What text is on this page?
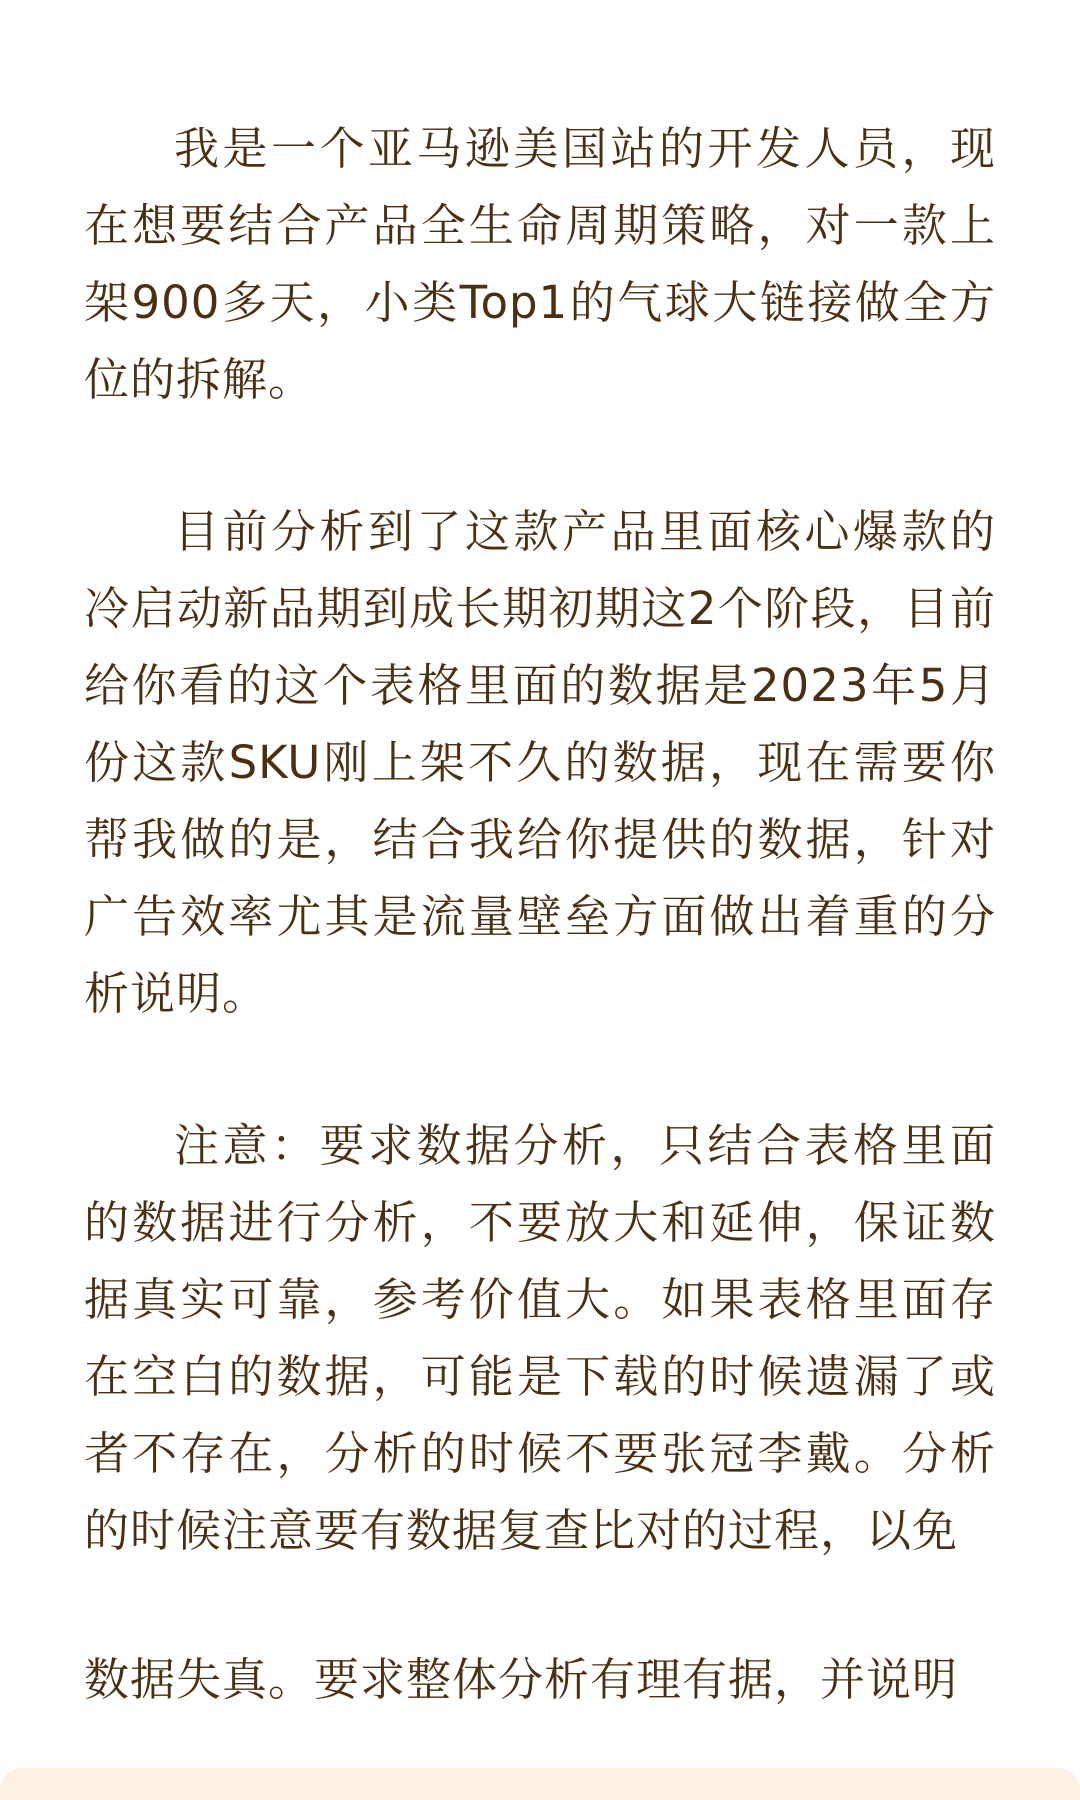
我是一个亚马逊美国站的开发人员，现在想要结合产品全生命周期策略，对一款上架900多天，小类Top1的气球大链接做全方位的拆解。

目前分析到了这款产品里面核心爆款的冷启动新品期到成长期初期这2个阶段，目前给你看的这个表格里面的数据是2023年5月份这款SKU刚上架不久的数据，现在需要你帮我做的是，结合我给你提供的数据，针对广告效率尤其是流量壁垒方面做出着重的分析说明。

注意：要求数据分析，只结合表格里面的数据进行分析，不要放大和延伸，保证数据真实可靠，参考价值大。如果表格里面存在空白的数据，可能是下载的时候遗漏了或者不存在，分析的时候不要张冠李戴。分析的时候注意要有数据复查比对的过程，以免

数据失真。要求整体分析有理有据，并说明
